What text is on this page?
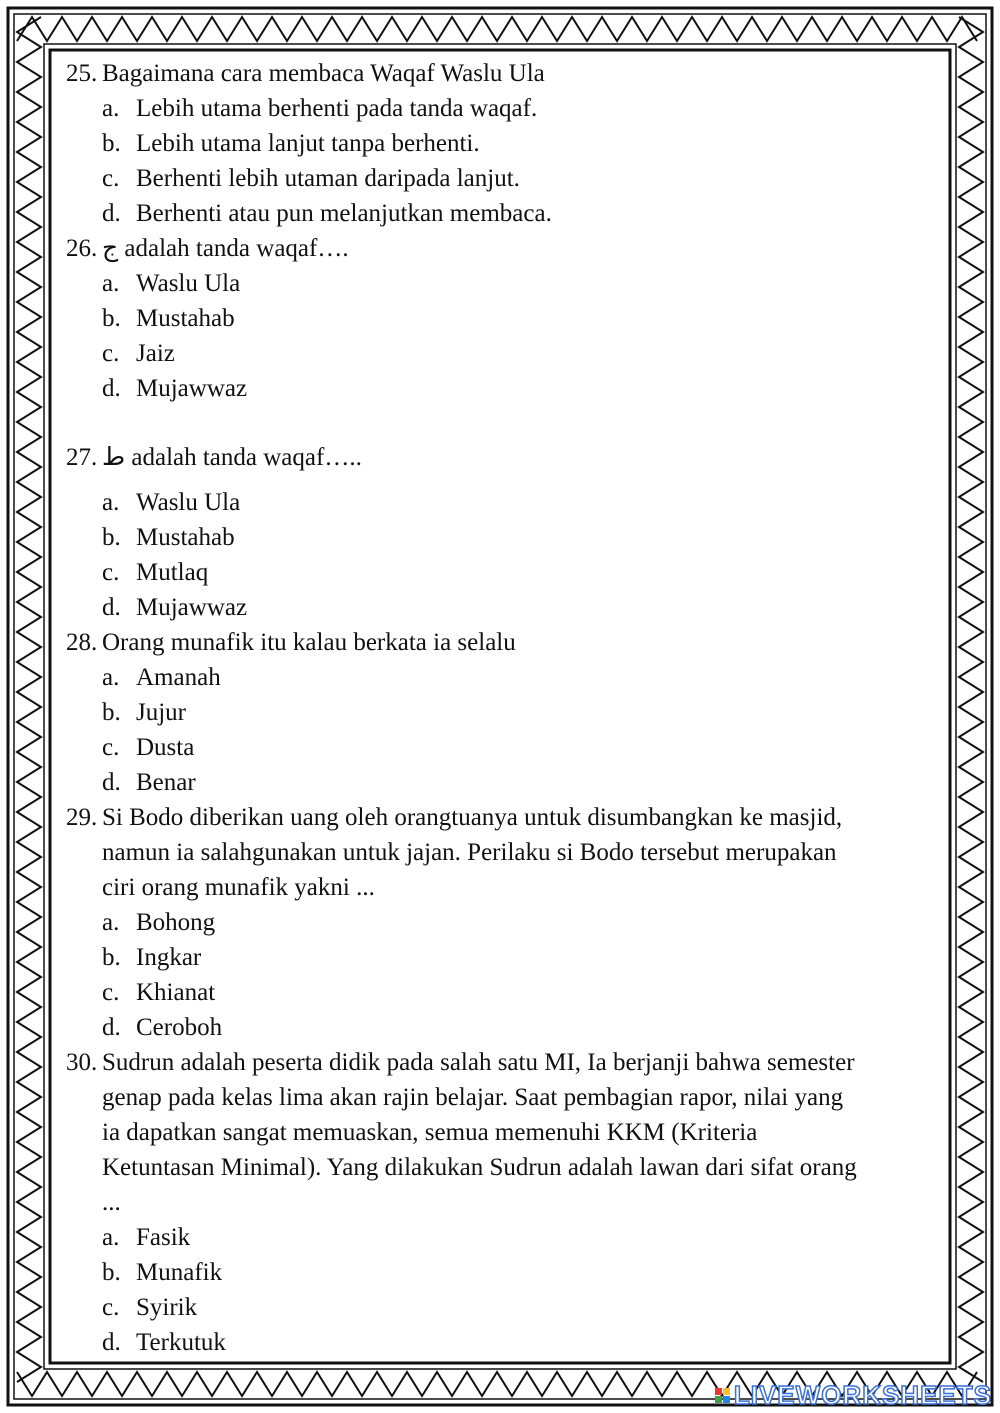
25. Bagaimana cara membaca Waqaf Waslu Ula
a. Lebih utama berhenti pada tanda waqaf.
b. Lebih utama lanjut tanpa berhenti.
c. Berhenti lebih utaman daripada lanjut.
d. Berhenti atau pun melanjutkan membaca.
26. ج adalah tanda waqaf….
a. Waslu Ula
b. Mustahab
c. Jaiz
d. Mujawwaz
27. ط adalah tanda waqaf…..
a. Waslu Ula
b. Mustahab
c. Mutlaq
d. Mujawwaz
28. Orang munafik itu kalau berkata ia selalu
a. Amanah
b. Jujur
c. Dusta
d. Benar
29. Si Bodo diberikan uang oleh orangtuanya untuk disumbangkan ke masjid, namun ia salahgunakan untuk jajan. Perilaku si Bodo tersebut merupakan ciri orang munafik yakni ...
a. Bohong
b. Ingkar
c. Khianat
d. Ceroboh
30. Sudrun adalah peserta didik pada salah satu MI, Ia berjanji bahwa semester genap pada kelas lima akan rajin belajar. Saat pembagian rapor, nilai yang ia dapatkan sangat memuaskan, semua memenuhi KKM (Kriteria Ketuntasan Minimal). Yang dilakukan Sudrun adalah lawan dari sifat orang ...
a. Fasik
b. Munafik
c. Syirik
d. Terkutuk
LIVEWORKSHEETS
